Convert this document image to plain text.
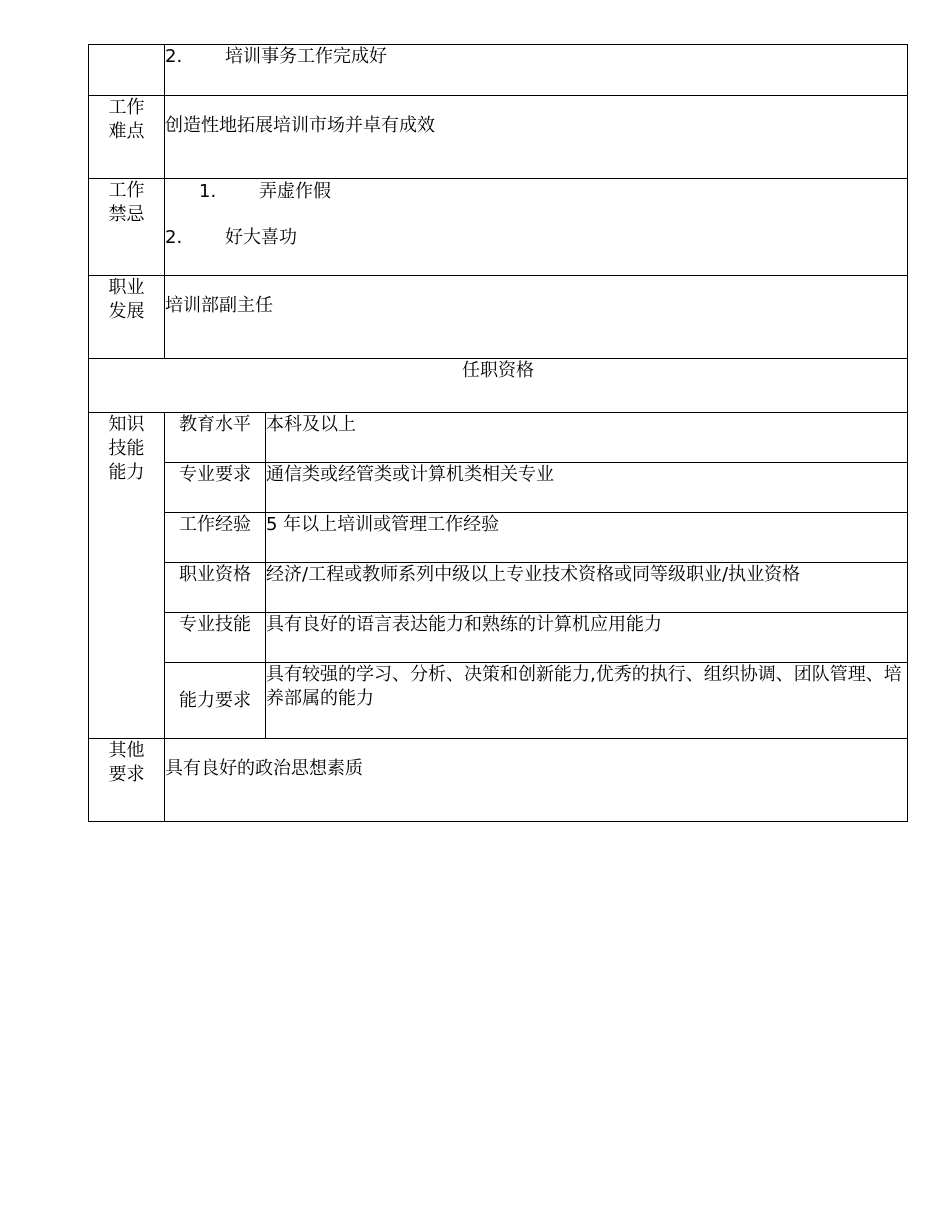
	2. 培训事务工作完成好	

工作
难点	创造性地拓展培训市场并卓有成效	

工作
禁忌	1. 弄虚作假
2. 好大喜功	

职业
发展	培训部副主任	
任职资格		

知识
技能
能力	教育水平	本科及以上
	专业要求	通信类或经管类或计算机类相关专业
	工作经验	5 年以上培训或管理工作经验
	职业资格	经济/工程或教师系列中级以上专业技术资格或同等级职业/执业资格
	专业技能	具有良好的语言表达能力和熟练的计算机应用能力
	能力要求	具有较强的学习、分析、决策和创新能力,优秀的执行、组织协调、团队管理、培养部属的能力

其他
要求	具有良好的政治思想素质	
